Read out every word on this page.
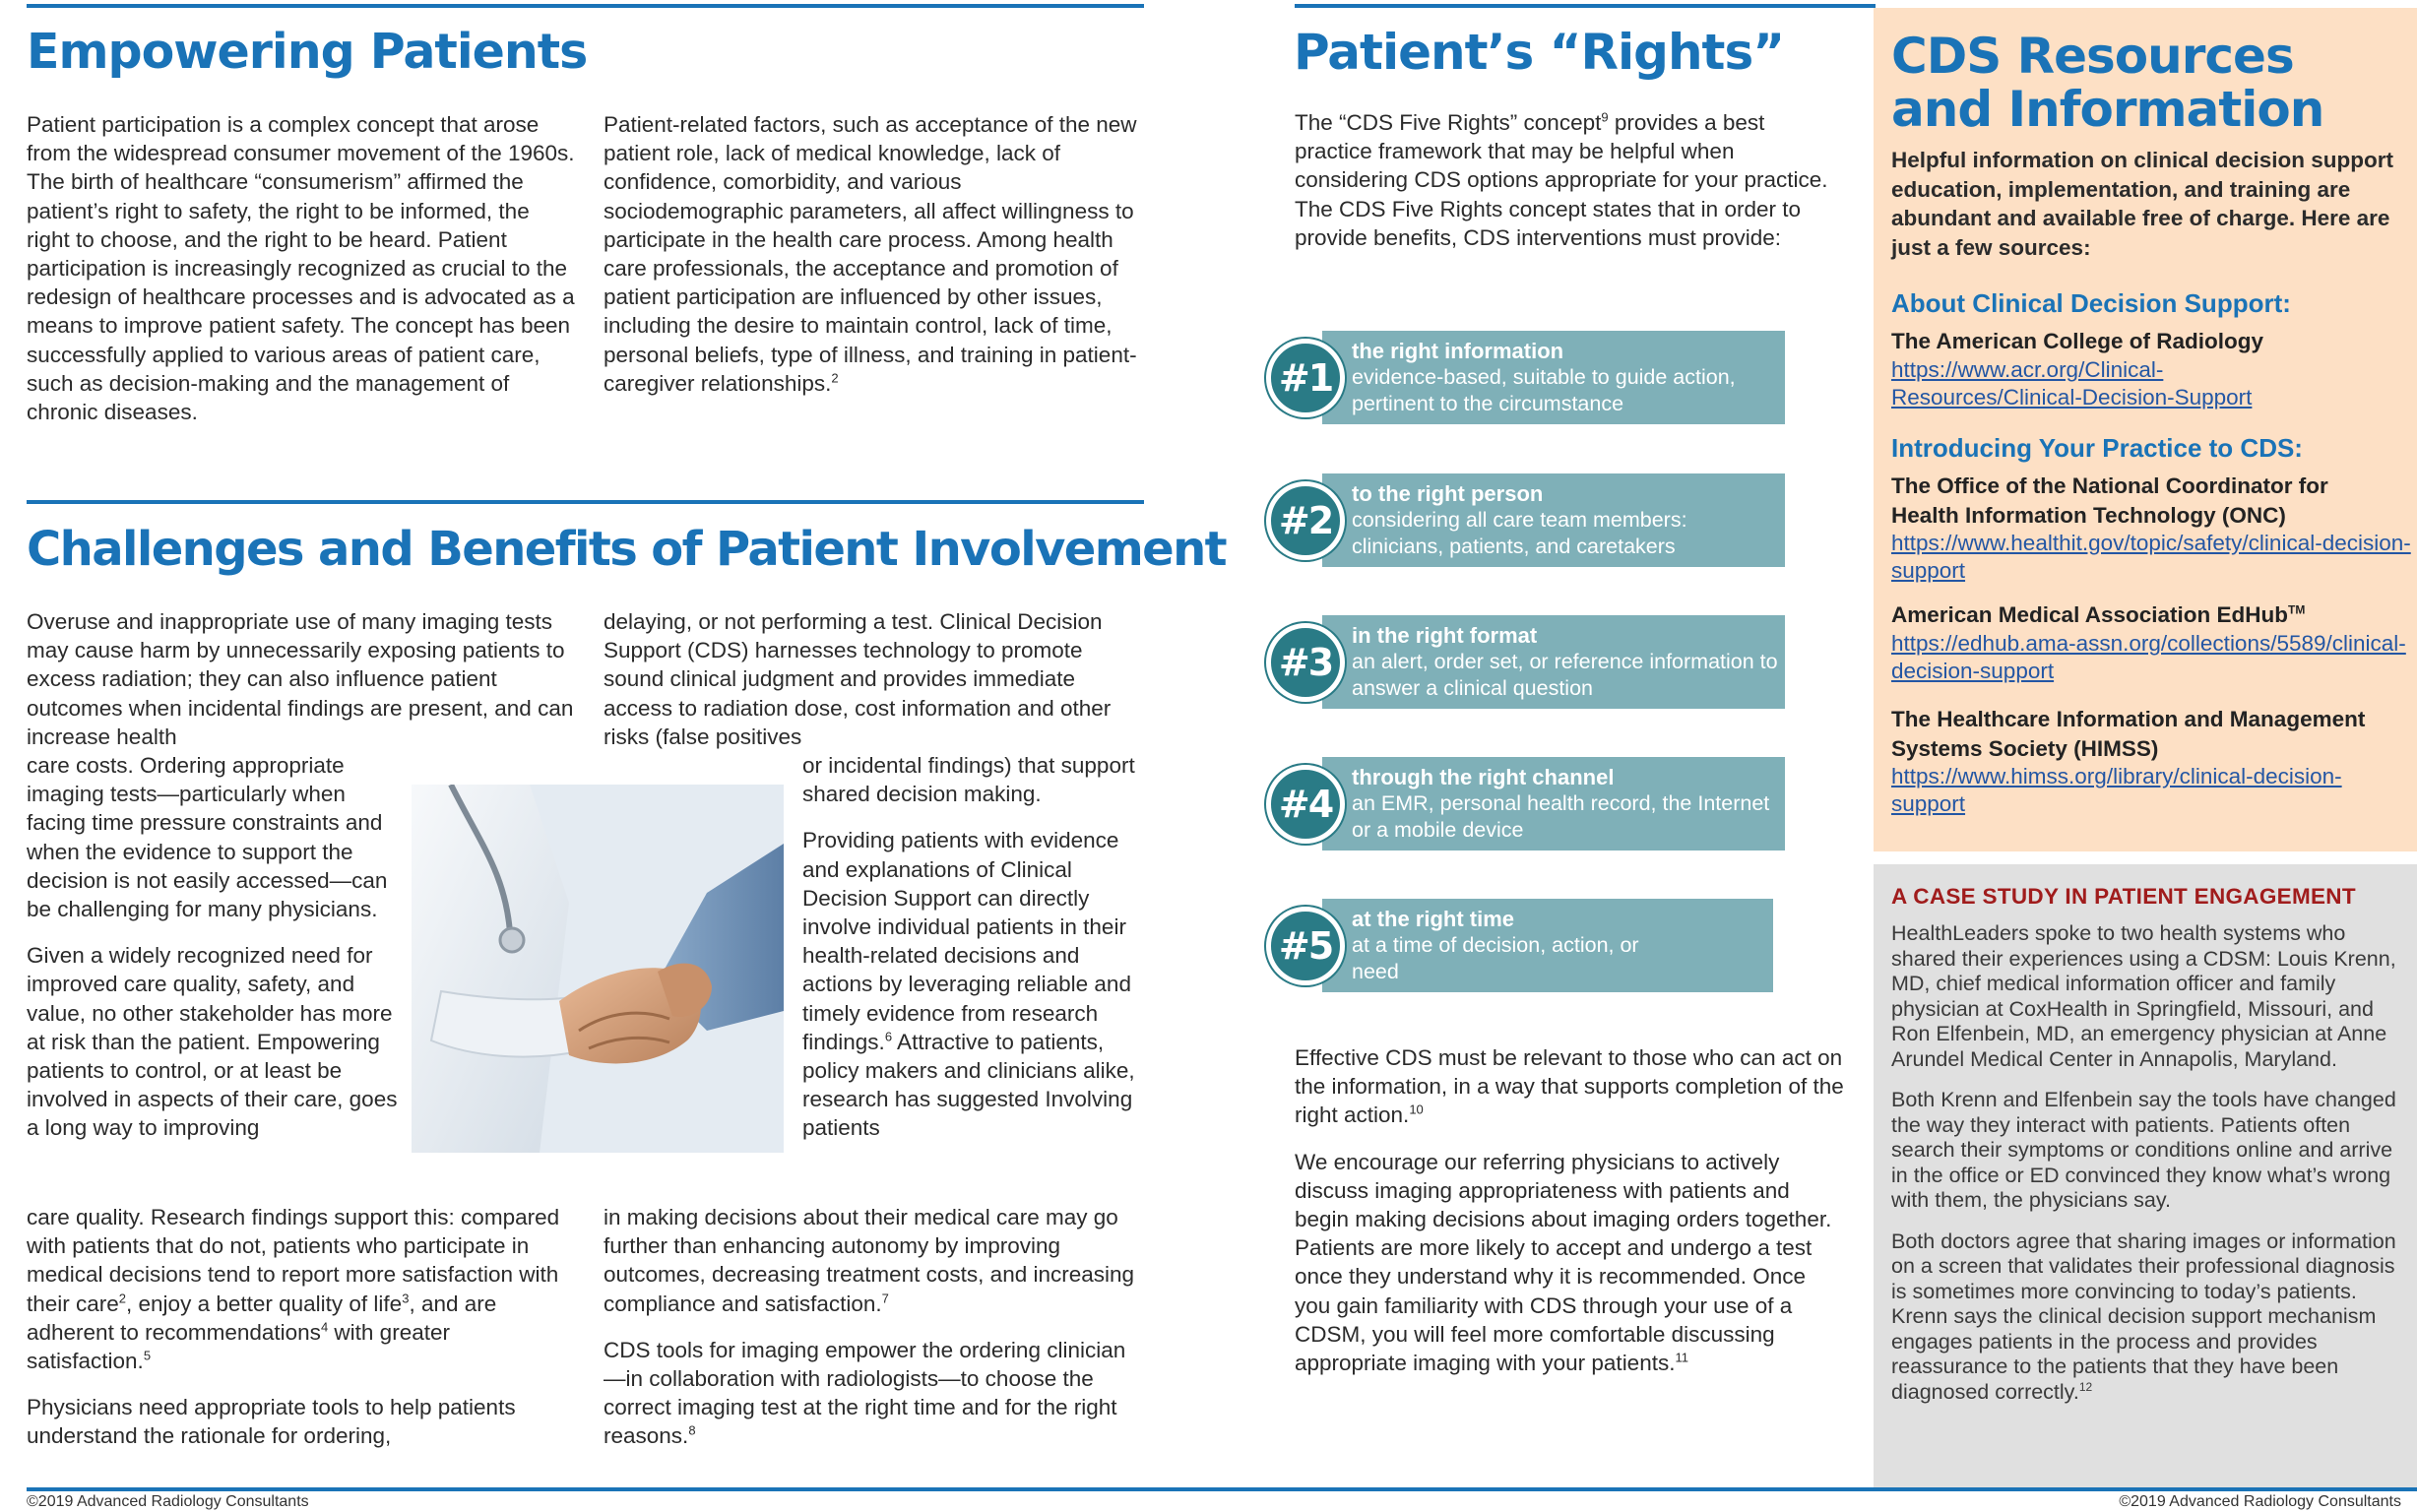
Empowering Patients

Patient participation is a complex concept that arose from the widespread consumer movement of the 1960s. The birth of healthcare “consumerism” affirmed the patient’s right to safety, the right to be informed, the right to choose, and the right to be heard. Patient participation is increasingly recognized as crucial to the redesign of healthcare processes and is advocated as a means to improve patient safety. The concept has been successfully applied to various areas of patient care, such as decision-making and the management of chronic diseases.

Patient-related factors, such as acceptance of the new patient role, lack of medical knowledge, lack of confidence, comorbidity, and various sociodemographic parameters, all affect willingness to participate in the health care process. Among health care professionals, the acceptance and promotion of patient participation are influenced by other issues, including the desire to maintain control, lack of time, personal beliefs, type of illness, and training in patient-caregiver relationships.$^2$

Challenges and Benefits of Patient Involvement

Overuse and inappropriate use of many imaging tests may cause harm by unnecessarily exposing patients to excess radiation; they can also influence patient outcomes when incidental findings are present, and can increase health

care costs. Ordering appropriate imaging tests—particularly when facing time pressure constraints and when the evidence to support the decision is not easily accessed—can be challenging for many physicians.

Given a widely recognized need for improved care quality, safety, and value, no other stakeholder has more at risk than the patient. Empowering patients to control, or at least be involved in aspects of their care, goes a long way to improving

care quality. Research findings support this: compared with patients that do not, patients who participate in medical decisions tend to report more satisfaction with their care$^2$, enjoy a better quality of life$^3$, and are adherent to recommendations$^4$ with greater satisfaction.$^5$

Physicians need appropriate tools to help patients understand the rationale for ordering,

delaying, or not performing a test. Clinical Decision Support (CDS) harnesses technology to promote sound clinical judgment and provides immediate access to radiation dose, cost information and other risks (false positives

or incidental findings) that support shared decision making.

Providing patients with evidence and explanations of Clinical Decision Support can directly involve individual patients in their health-related decisions and actions by leveraging reliable and timely evidence from research findings.$^6$ Attractive to patients, policy makers and clinicians alike, research has suggested Involving patients

in making decisions about their medical care may go further than enhancing autonomy by improving outcomes, decreasing treatment costs, and increasing compliance and satisfaction.$^7$

CDS tools for imaging empower the ordering clinician—in collaboration with radiologists—to choose the correct imaging test at the right time and for the right reasons.$^8$

Patient’s “Rights”

The “CDS Five Rights” concept$^9$ provides a best practice framework that may be helpful when considering CDS options appropriate for your practice. The CDS Five Rights concept states that in order to provide benefits, CDS interventions must provide:

#1
the right information
evidence-based, suitable to guide action, pertinent to the circumstance
#2
to the right person
considering all care team members: clinicians, patients, and caretakers
#3
in the right format
an alert, order set, or reference information to answer a clinical question
#4
through the right channel
an EMR, personal health record, the Internet or a mobile device
#5
at the right time
at a time of decision, action, or need

Effective CDS must be relevant to those who can act on the information, in a way that supports completion of the right action.$^{10}$

We encourage our referring physicians to actively discuss imaging appropriateness with patients and begin making decisions about imaging orders together. Patients are more likely to accept and undergo a test once they understand why it is recommended. Once you gain familiarity with CDS through your use of a CDSM, you will feel more comfortable discussing appropriate imaging with your patients.$^{11}$

CDS Resources
and Information
Helpful information on clinical decision support education, implementation, and training are abundant and available free of charge. Here are just a few sources:
About Clinical Decision Support:
The American College of Radiology
https://www.acr.org/Clinical-Resources/Clinical-Decision-Support
Introducing Your Practice to CDS:
The Office of the National Coordinator for Health Information Technology (ONC)
https://www.healthit.gov/topic/safety/clinical-decision-support
American Medical Association EdHub™
https://edhub.ama-assn.org/collections/5589/clinical-decision-support
The Healthcare Information and Management Systems Society (HIMSS)
https://www.himss.org/library/clinical-decision-support
A CASE STUDY IN PATIENT ENGAGEMENT

HealthLeaders spoke to two health systems who shared their experiences using a CDSM: Louis Krenn, MD, chief medical information officer and family physician at CoxHealth in Springfield, Missouri, and Ron Elfenbein, MD, an emergency physician at Anne Arundel Medical Center in Annapolis, Maryland.

Both Krenn and Elfenbein say the tools have changed the way they interact with patients. Patients often search their symptoms or conditions online and arrive in the office or ED convinced they know what’s wrong with them, the physicians say.

Both doctors agree that sharing images or information on a screen that validates their professional diagnosis is sometimes more convincing to today’s patients. Krenn says the clinical decision support mechanism engages patients in the process and provides reassurance to the patients that they have been diagnosed correctly.$^{12}$

©2019 Advanced Radiology Consultants	©2019 Advanced Radiology Consultants
